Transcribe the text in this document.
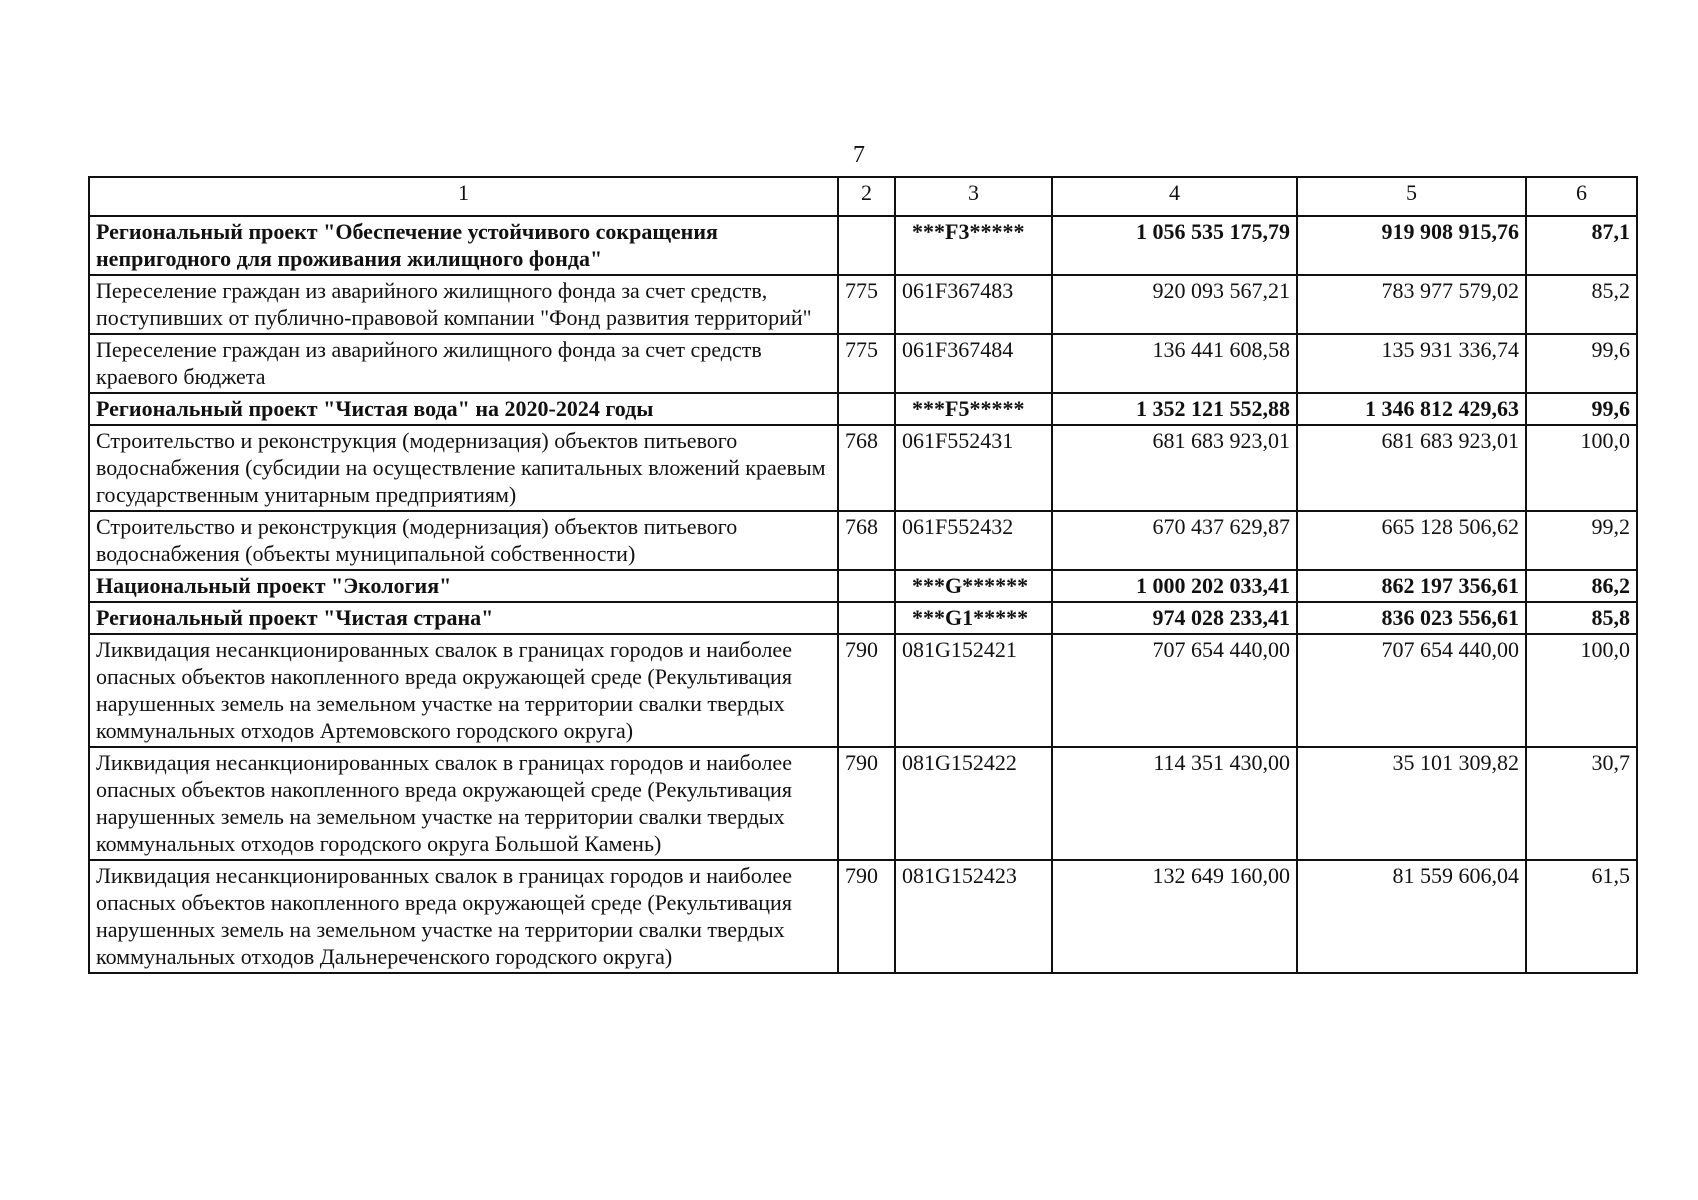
7
1	2	3	4	5	6
Региональный проект "Обеспечение устойчивого сокращения непригодного для проживания жилищного фонда"		***F3*****	1 056 535 175,79	919 908 915,76	87,1
Переселение граждан из аварийного жилищного фонда за счет средств, поступивших от публично-правовой компании "Фонд развития территорий"	775	061F367483	920 093 567,21	783 977 579,02	85,2
Переселение граждан из аварийного жилищного фонда за счет средств краевого бюджета	775	061F367484	136 441 608,58	135 931 336,74	99,6
Региональный проект "Чистая вода" на 2020-2024 годы		***F5*****	1 352 121 552,88	1 346 812 429,63	99,6
Строительство и реконструкция (модернизация) объектов питьевого водоснабжения (субсидии на осуществление капитальных вложений краевым государственным унитарным предприятиям)	768	061F552431	681 683 923,01	681 683 923,01	100,0
Строительство и реконструкция (модернизация) объектов питьевого водоснабжения (объекты муниципальной собственности)	768	061F552432	670 437 629,87	665 128 506,62	99,2
Национальный проект "Экология"		***G******	1 000 202 033,41	862 197 356,61	86,2
Региональный проект "Чистая страна"		***G1*****	974 028 233,41	836 023 556,61	85,8
Ликвидация несанкционированных свалок в границах городов и наиболее опасных объектов накопленного вреда окружающей среде (Рекультивация нарушенных земель на земельном участке на территории свалки твердых коммунальных отходов Артемовского городского округа)	790	081G152421	707 654 440,00	707 654 440,00	100,0
Ликвидация несанкционированных свалок в границах городов и наиболее опасных объектов накопленного вреда окружающей среде (Рекультивация нарушенных земель на земельном участке на территории свалки твердых коммунальных отходов городского округа Большой Камень)	790	081G152422	114 351 430,00	35 101 309,82	30,7
Ликвидация несанкционированных свалок в границах городов и наиболее опасных объектов накопленного вреда окружающей среде (Рекультивация нарушенных земель на земельном участке на территории свалки твердых коммунальных отходов Дальнереченского городского округа)	790	081G152423	132 649 160,00	81 559 606,04	61,5
